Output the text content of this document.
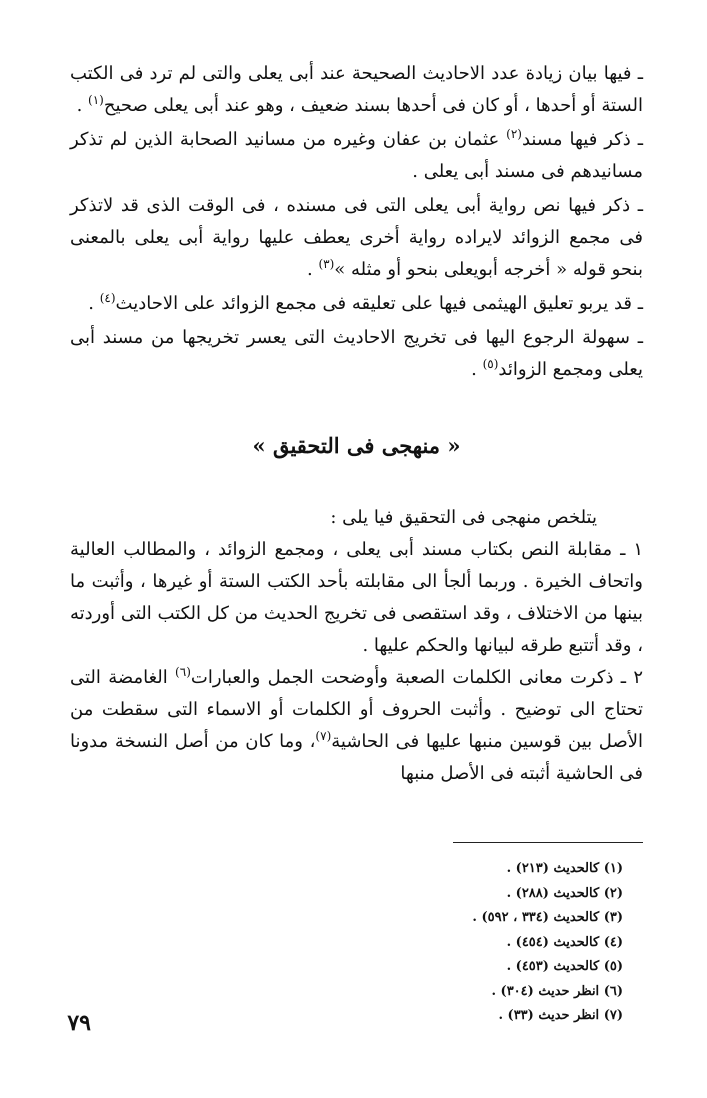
ـ فيها بيان زيادة عدد الاحاديث الصحيحة عند أبى يعلى والتى لم ترد فى الكتب الستة أو أحدها ، أو كان فى أحدها بسند ضعيف ، وهو عند أبى يعلى صحيح$^{(١)}$ .

ـ ذكر فيها مسند$^{(٢)}$ عثمان بن عفان وغيره من مسانيد الصحابة الذين لم تذكر مسانيدهم فى مسند أبى يعلى .

ـ ذكر فيها نص رواية أبى يعلى التى فى مسنده ، فى الوقت الذى قد لاتذكر فى مجمع الزوائد لايراده رواية أخرى يعطف عليها رواية أبى يعلى بالمعنى بنحو قوله « أخرجه أبويعلى بنحو أو مثله »$^{(٣)}$ .

ـ قد يربو تعليق الهيثمى فيها على تعليقه فى مجمع الزوائد على الاحاديث$^{(٤)}$ .

ـ سهولة الرجوع اليها فى تخريج الاحاديث التى يعسر تخريجها من مسند أبى يعلى ومجمع الزوائد$^{(٥)}$ .

« منهجى فى التحقيق »

يتلخص منهجى فى التحقيق فيا يلى :

١ ـ مقابلة النص بكتاب مسند أبى يعلى ، ومجمع الزوائد ، والمطالب العالية واتحاف الخيرة . وربما ألجأ الى مقابلته بأحد الكتب الستة أو غيرها ، وأثبت ما بينها من الاختلاف ، وقد استقصى فى تخريج الحديث من كل الكتب التى أوردته ، وقد أتتبع طرقه لبيانها والحكم عليها .

٢ ـ ذكرت معانى الكلمات الصعبة وأوضحت الجمل والعبارات$^{(٦)}$ الغامضة التى تحتاج الى توضيح . وأثبت الحروف أو الكلمات أو الاسماء التى سقطت من الأصل بين قوسين منبها عليها فى الحاشية$^{(٧)}$، وما كان من أصل النسخة مدونا فى الحاشية أثبته فى الأصل منبها

(١) كالحديث (٢١٣) .
(٢) كالحديث (٢٨٨) .
(٣) كالحديث (٣٣٤ ، ٥٩٢) .
(٤) كالحديث (٤٥٤) .
(٥) كالحديث (٤٥٣) .
(٦) انظر حديث (٣٠٤) .
(٧) انظر حديث (٣٣) .
٧٩
